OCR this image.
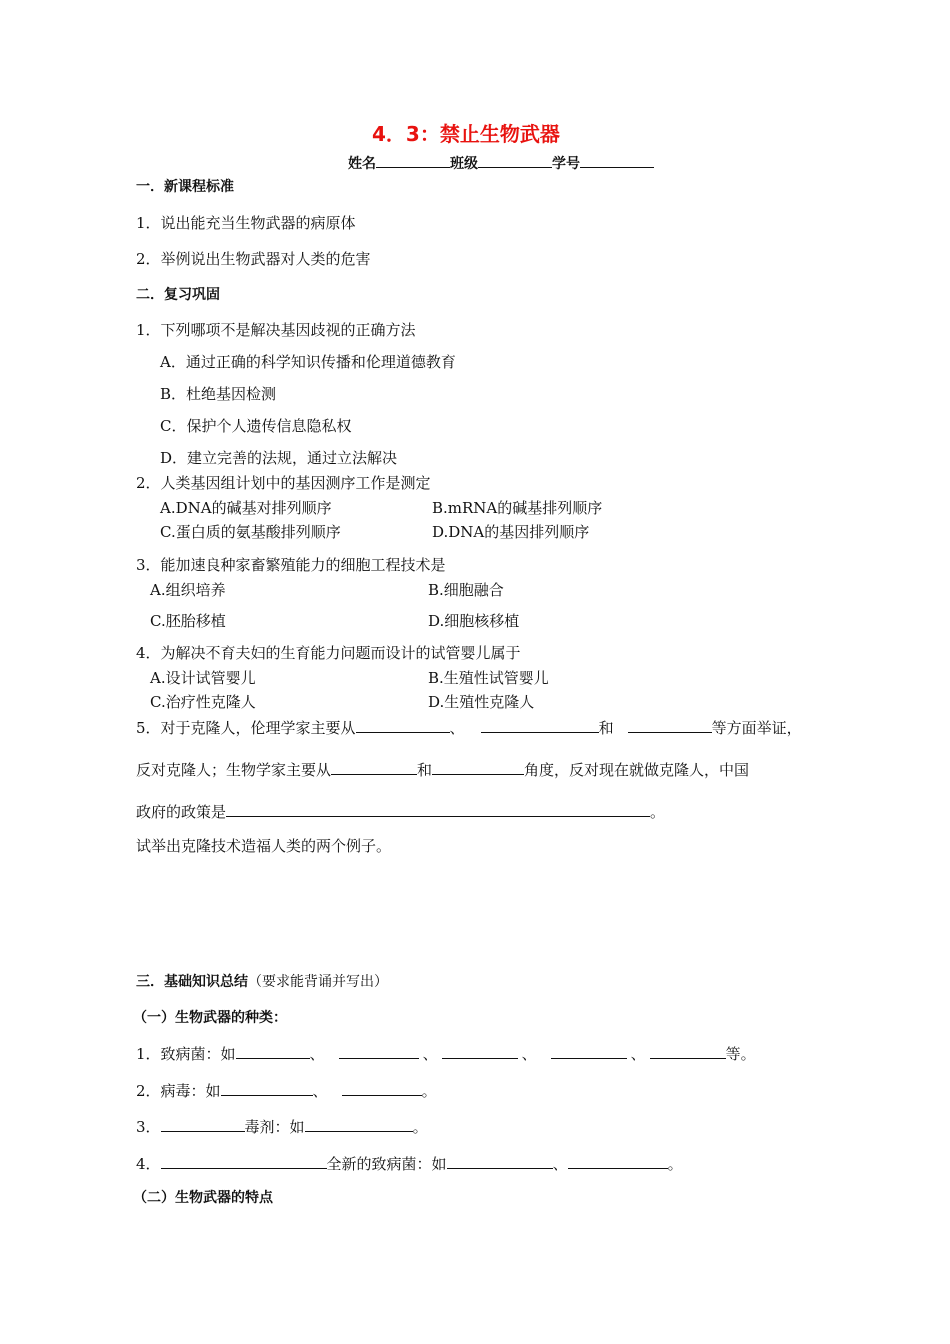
4．3：禁止生物武器
姓名	班级	学号
一．新课程标准
1．说出能充当生物武器的病原体
2．举例说出生物武器对人类的危害
二．复习巩固
1．下列哪项不是解决基因歧视的正确方法
A．通过正确的科学知识传播和伦理道德教育
B．杜绝基因检测
C．保护个人遗传信息隐私权
D．建立完善的法规，通过立法解决
2．人类基因组计划中的基因测序工作是测定
A.DNA的碱基对排列顺序	B.mRNA的碱基排列顺序
C.蛋白质的氨基酸排列顺序	D.DNA的基因排列顺序
3．能加速良种家畜繁殖能力的细胞工程技术是
A.组织培养	B.细胞融合
C.胚胎移植	D.细胞核移植
4．为解决不育夫妇的生育能力问题而设计的试管婴儿属于
A.设计试管婴儿	B.生殖性试管婴儿
C.治疗性克隆人	D.生殖性克隆人
5．对于克隆人，伦理学家主要从	、	和	等方面举证，
反对克隆人；生物学家主要从	和	角度，反对现在就做克隆人，中国
政府的政策是	。
试举出克隆技术造福人类的两个例子。
三．基础知识总结（要求能背诵并写出）
（一）生物武器的种类：
1．致病菌：如	、	、	、	、	等。
2．病毒：如	、	。
3．	毒剂：如	。
4．	全新的致病菌：如	、	。
（二）生物武器的特点
